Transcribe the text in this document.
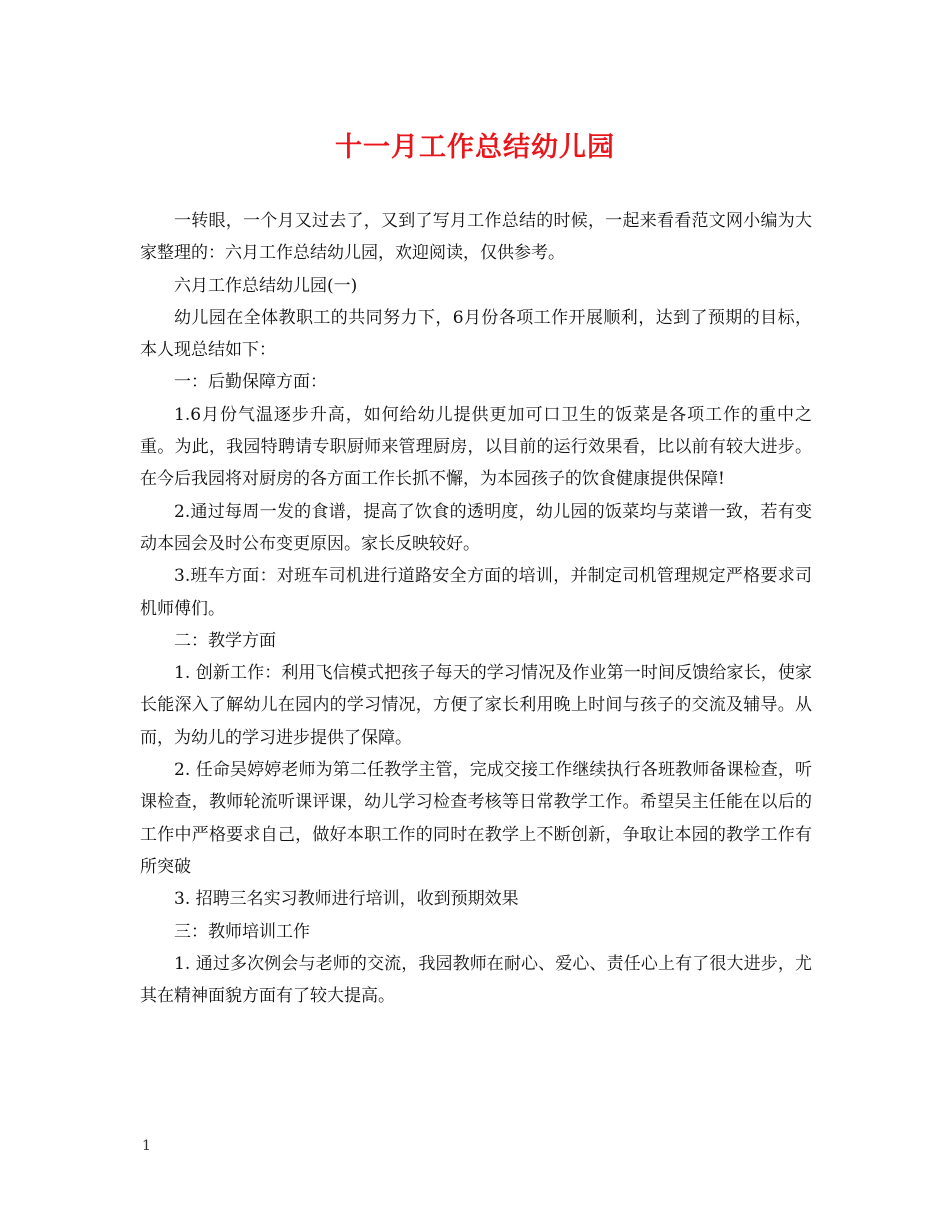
十一月工作总结幼儿园

一转眼，一个月又过去了，又到了写月工作总结的时候，一起来看看范文网小编为大家整理的：六月工作总结幼儿园，欢迎阅读，仅供参考。

六月工作总结幼儿园(一)

幼儿园在全体教职工的共同努力下，6月份各项工作开展顺利，达到了预期的目标，本人现总结如下：

一：后勤保障方面：

1.6月份气温逐步升高，如何给幼儿提供更加可口卫生的饭菜是各项工作的重中之重。为此，我园特聘请专职厨师来管理厨房，以目前的运行效果看，比以前有较大进步。在今后我园将对厨房的各方面工作长抓不懈，为本园孩子的饮食健康提供保障!

2.通过每周一发的食谱，提高了饮食的透明度，幼儿园的饭菜均与菜谱一致，若有变动本园会及时公布变更原因。家长反映较好。

3.班车方面：对班车司机进行道路安全方面的培训，并制定司机管理规定严格要求司机师傅们。

二：教学方面

1. 创新工作：利用飞信模式把孩子每天的学习情况及作业第一时间反馈给家长，使家长能深入了解幼儿在园内的学习情况，方便了家长利用晚上时间与孩子的交流及辅导。从而，为幼儿的学习进步提供了保障。

2. 任命吴婷婷老师为第二任教学主管，完成交接工作继续执行各班教师备课检查，听课检查，教师轮流听课评课，幼儿学习检查考核等日常教学工作。希望吴主任能在以后的工作中严格要求自己，做好本职工作的同时在教学上不断创新，争取让本园的教学工作有所突破

3. 招聘三名实习教师进行培训，收到预期效果

三：教师培训工作

1. 通过多次例会与老师的交流，我园教师在耐心、爱心、责任心上有了很大进步，尤其在精神面貌方面有了较大提高。

1
